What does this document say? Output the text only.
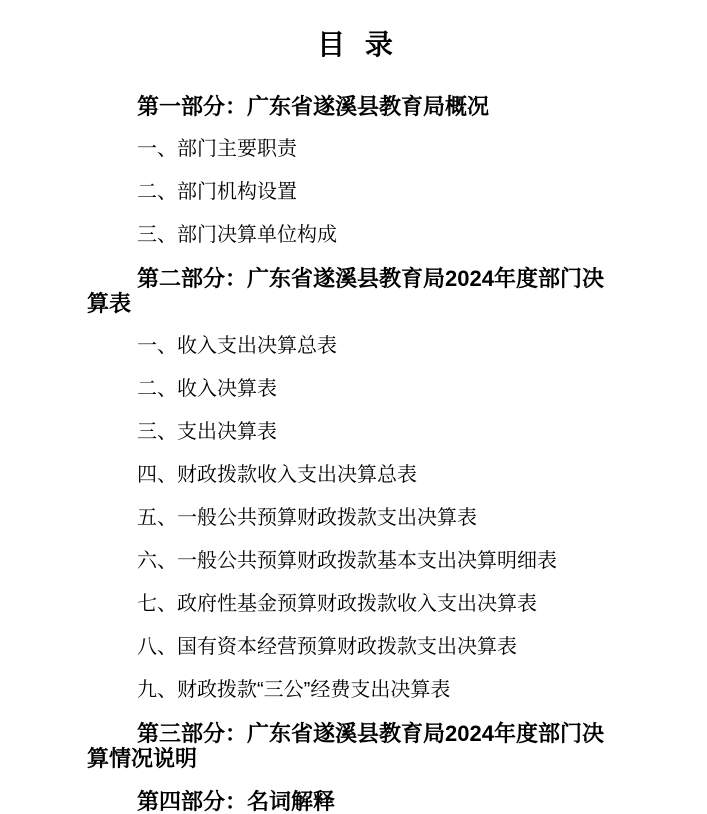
目 录

第一部分：广东省遂溪县教育局概况

一、部门主要职责

二、部门机构设置

三、部门决算单位构成

第二部分：广东省遂溪县教育局2024年度部门决算表

一、收入支出决算总表

二、收入决算表

三、支出决算表

四、财政拨款收入支出决算总表

五、一般公共预算财政拨款支出决算表

六、一般公共预算财政拨款基本支出决算明细表

七、政府性基金预算财政拨款收入支出决算表

八、国有资本经营预算财政拨款支出决算表

九、财政拨款“三公”经费支出决算表

第三部分：广东省遂溪县教育局2024年度部门决算情况说明

第四部分：名词解释
